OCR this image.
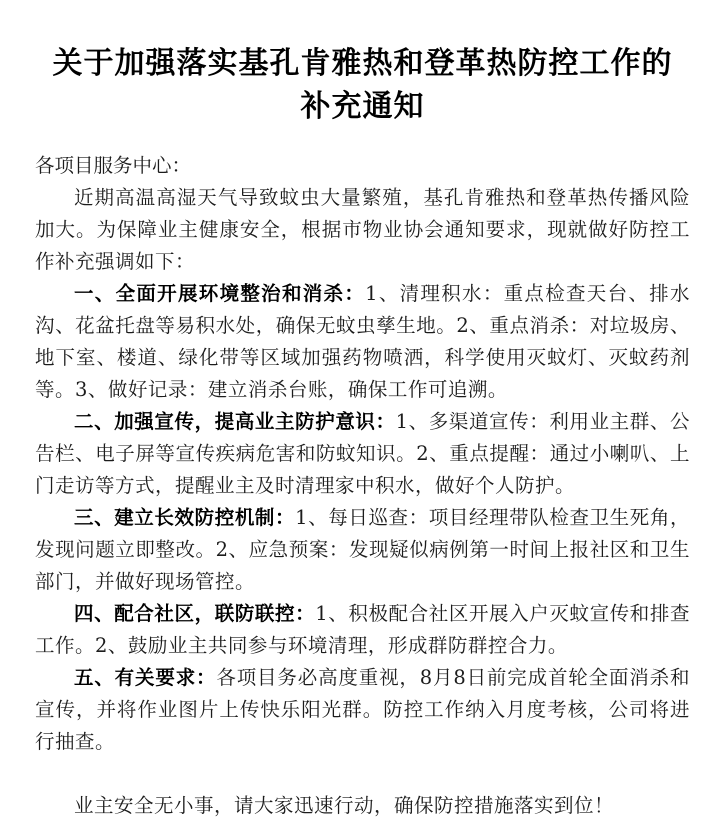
关于加强落实基孔肯雅热和登革热防控工作的
补充通知

各项目服务中心：

近期高温高湿天气导致蚊虫大量繁殖，基孔肯雅热和登革热传播风险加大。为保障业主健康安全，根据市物业协会通知要求，现就做好防控工作补充强调如下：

一、全面开展环境整治和消杀：1、清理积水：重点检查天台、排水沟、花盆托盘等易积水处，确保无蚊虫孳生地。2、重点消杀：对垃圾房、地下室、楼道、绿化带等区域加强药物喷洒，科学使用灭蚊灯、灭蚊药剂等。3、做好记录：建立消杀台账，确保工作可追溯。

二、加强宣传，提高业主防护意识：1、多渠道宣传：利用业主群、公告栏、电子屏等宣传疾病危害和防蚊知识。2、重点提醒：通过小喇叭、上门走访等方式，提醒业主及时清理家中积水，做好个人防护。

三、建立长效防控机制：1、每日巡查：项目经理带队检查卫生死角，发现问题立即整改。2、应急预案：发现疑似病例第一时间上报社区和卫生部门，并做好现场管控。

四、配合社区，联防联控：1、积极配合社区开展入户灭蚊宣传和排查工作。2、鼓励业主共同参与环境清理，形成群防群控合力。

五、有关要求：各项目务必高度重视，8月8日前完成首轮全面消杀和宣传，并将作业图片上传快乐阳光群。防控工作纳入月度考核，公司将进行抽查。

业主安全无小事，请大家迅速行动，确保防控措施落实到位！
